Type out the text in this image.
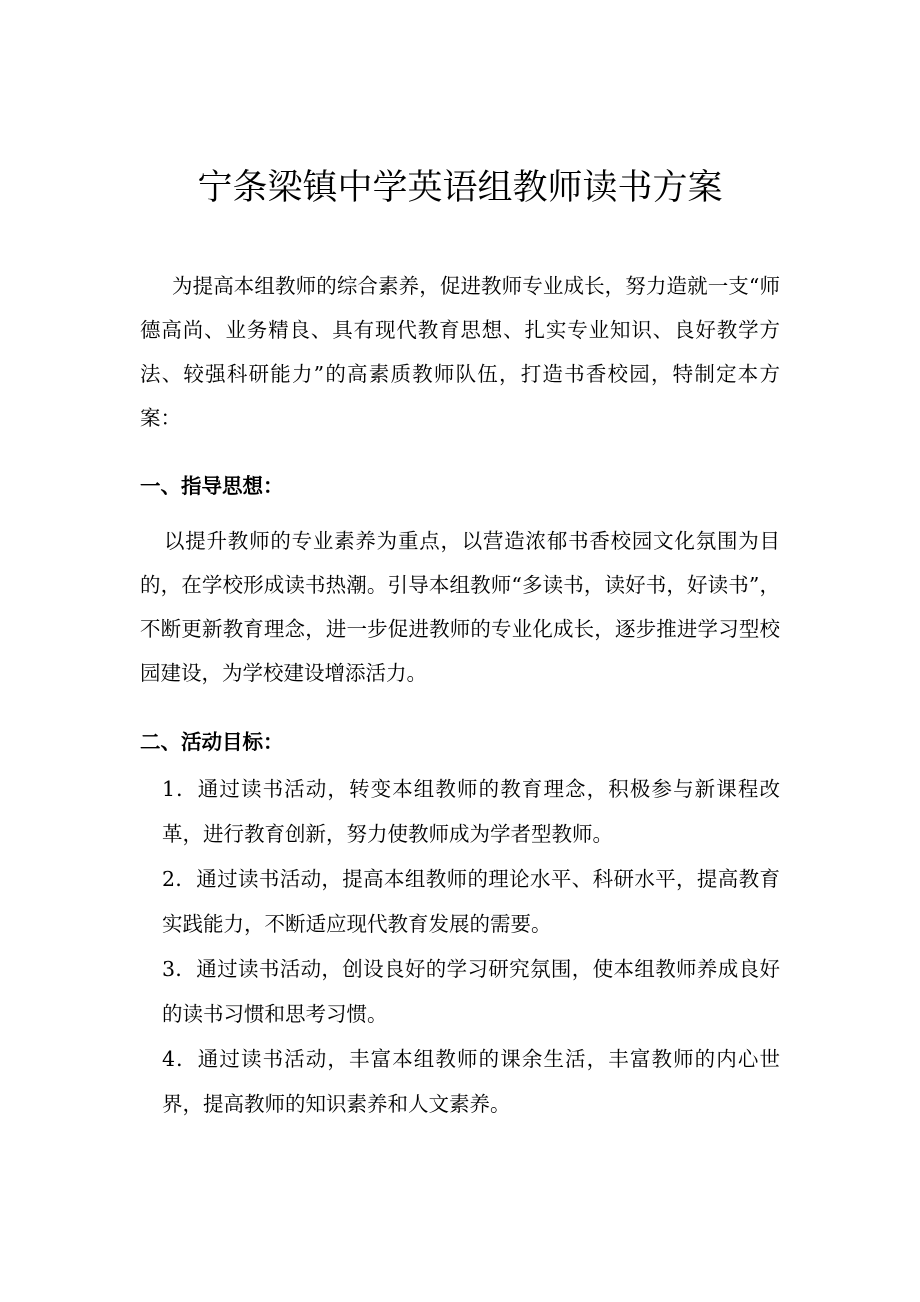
宁条梁镇中学英语组教师读书方案

为提高本组教师的综合素养，促进教师专业成长，努力造就一支“师德高尚、业务精良、具有现代教育思想、扎实专业知识、良好教学方法、较强科研能力”的高素质教师队伍，打造书香校园，特制定本方案：

一、指导思想：

以提升教师的专业素养为重点，以营造浓郁书香校园文化氛围为目的，在学校形成读书热潮。引导本组教师“多读书，读好书，好读书”，不断更新教育理念，进一步促进教师的专业化成长，逐步推进学习型校园建设，为学校建设增添活力。

二、活动目标：
1．通过读书活动，转变本组教师的教育理念，积极参与新课程改革，进行教育创新，努力使教师成为学者型教师。
2．通过读书活动，提高本组教师的理论水平、科研水平，提高教育实践能力，不断适应现代教育发展的需要。
3．通过读书活动，创设良好的学习研究氛围，使本组教师养成良好的读书习惯和思考习惯。
4．通过读书活动，丰富本组教师的课余生活，丰富教师的内心世界，提高教师的知识素养和人文素养。
